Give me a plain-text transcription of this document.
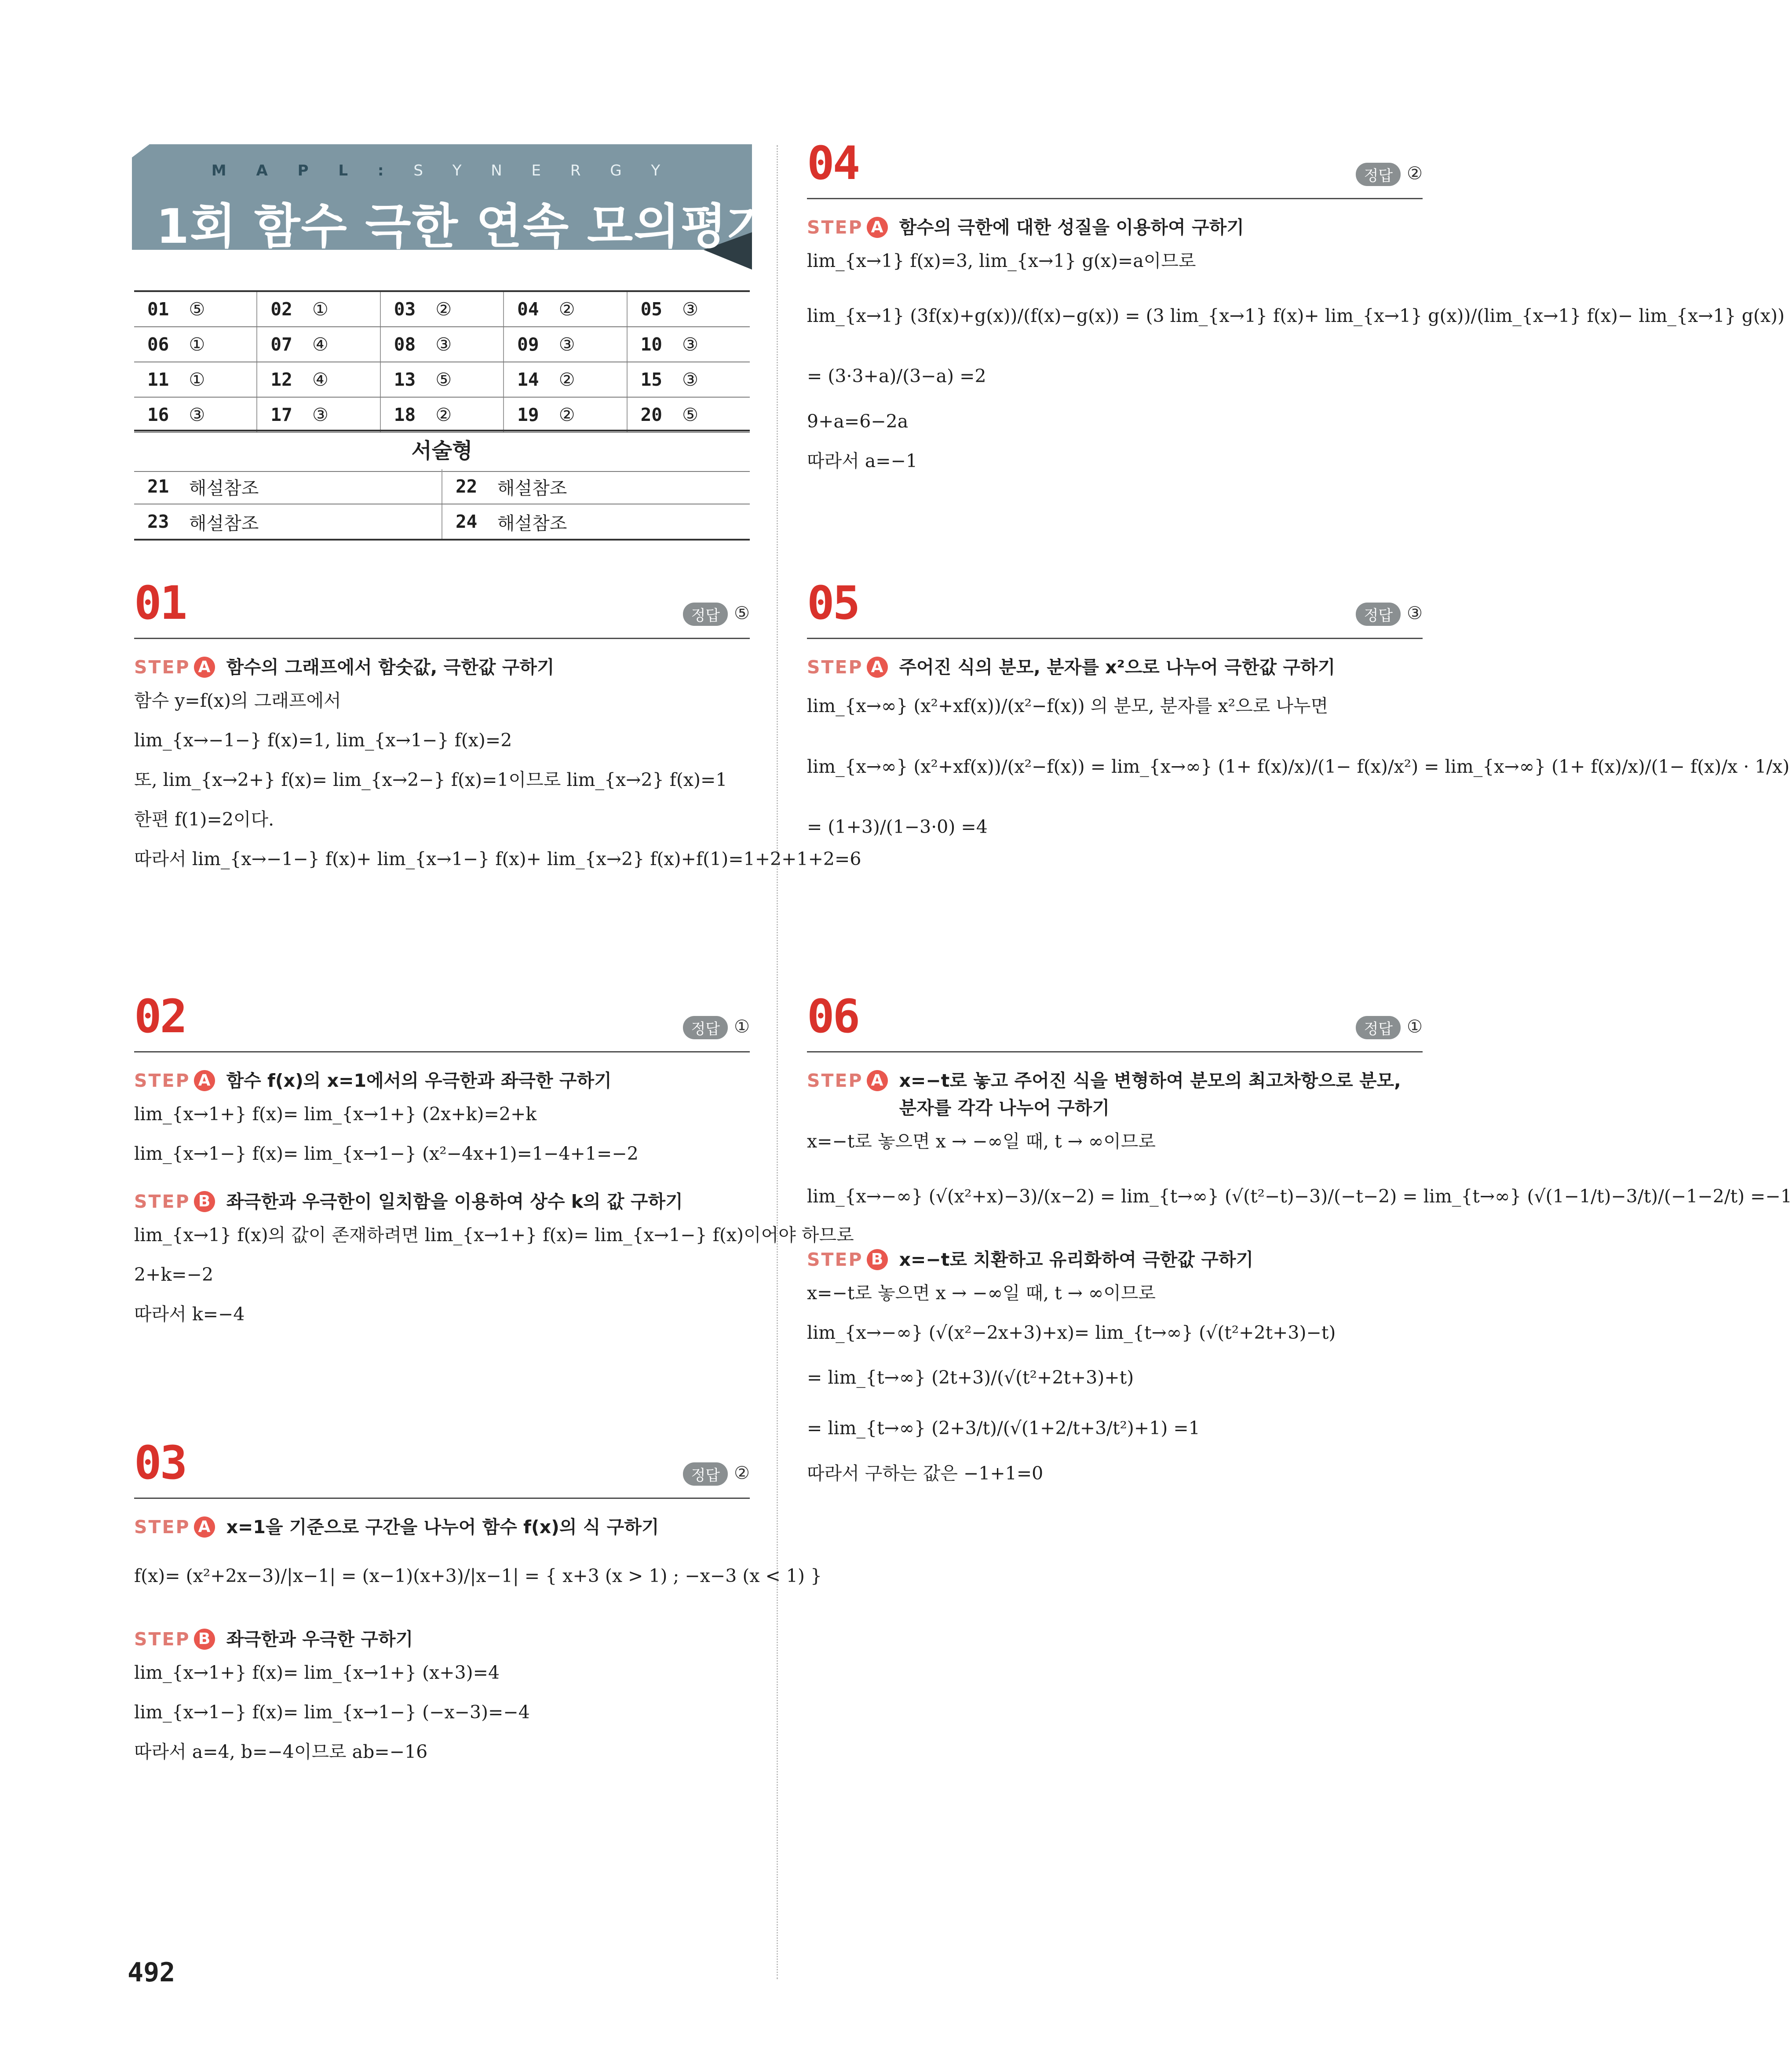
M A P L : S Y N E R G Y
1회 함수 극한 연속 모의평가
01	⑤	02	①	03	②	04	②	05	③
06	①	07	④	08	③	09	③	10	③
11	①	12	④	13	⑤	14	②	15	③
16	③	17	③	18	②	19	②	20	⑤
서술형
21	해설참조	22	해설참조
23	해설참조	24	해설참조
01	정답 ⑤
STEP A 함수의 그래프에서 함숫값, 극한값 구하기
함수 y=f(x)의 그래프에서
lim_{x→−1−} f(x)=1, lim_{x→1−} f(x)=2
또, lim_{x→2+} f(x)= lim_{x→2−} f(x)=1이므로 lim_{x→2} f(x)=1
한편 f(1)=2이다.
따라서 lim_{x→−1−} f(x)+ lim_{x→1−} f(x)+ lim_{x→2} f(x)+f(1)=1+2+1+2=6
02	정답 ①
STEP A 함수 f(x)의 x=1에서의 우극한과 좌극한 구하기
lim_{x→1+} f(x)= lim_{x→1+} (2x+k)=2+k
lim_{x→1−} f(x)= lim_{x→1−} (x²−4x+1)=1−4+1=−2
STEP B 좌극한과 우극한이 일치함을 이용하여 상수 k의 값 구하기
lim_{x→1} f(x)의 값이 존재하려면 lim_{x→1+} f(x)= lim_{x→1−} f(x)이어야 하므로
2+k=−2
따라서 k=−4
03	정답 ②
STEP A x=1을 기준으로 구간을 나누어 함수 f(x)의 식 구하기
f(x)= (x²+2x−3)/|x−1| = (x−1)(x+3)/|x−1| = { x+3 (x > 1) ; −x−3 (x < 1) }
STEP B 좌극한과 우극한 구하기
lim_{x→1+} f(x)= lim_{x→1+} (x+3)=4
lim_{x→1−} f(x)= lim_{x→1−} (−x−3)=−4
따라서 a=4, b=−4이므로 ab=−16
04	정답 ②
STEP A 함수의 극한에 대한 성질을 이용하여 구하기
lim_{x→1} f(x)=3, lim_{x→1} g(x)=a이므로
lim_{x→1} (3f(x)+g(x))/(f(x)−g(x)) = (3 lim_{x→1} f(x)+ lim_{x→1} g(x))/(lim_{x→1} f(x)− lim_{x→1} g(x))
= (3·3+a)/(3−a) =2
9+a=6−2a
따라서 a=−1
05	정답 ③
STEP A 주어진 식의 분모, 분자를 x²으로 나누어 극한값 구하기
lim_{x→∞} (x²+xf(x))/(x²−f(x)) 의 분모, 분자를 x²으로 나누면
lim_{x→∞} (x²+xf(x))/(x²−f(x)) = lim_{x→∞} (1+ f(x)/x)/(1− f(x)/x²) = lim_{x→∞} (1+ f(x)/x)/(1− f(x)/x · 1/x)
= (1+3)/(1−3·0) =4
06	정답 ①
STEP A x=−t로 놓고 주어진 식을 변형하여 분모의 최고차항으로 분모, 분자를 각각 나누어 구하기
x=−t로 놓으면 x → −∞일 때, t → ∞이므로
lim_{x→−∞} (√(x²+x)−3)/(x−2) = lim_{t→∞} (√(t²−t)−3)/(−t−2) = lim_{t→∞} (√(1−1/t)−3/t)/(−1−2/t) =−1
STEP B x=−t로 치환하고 유리화하여 극한값 구하기
x=−t로 놓으면 x → −∞일 때, t → ∞이므로
lim_{x→−∞} (√(x²−2x+3)+x)= lim_{t→∞} (√(t²+2t+3)−t)
= lim_{t→∞} (2t+3)/(√(t²+2t+3)+t)
= lim_{t→∞} (2+3/t)/(√(1+2/t+3/t²)+1) =1
따라서 구하는 값은 −1+1=0
492
